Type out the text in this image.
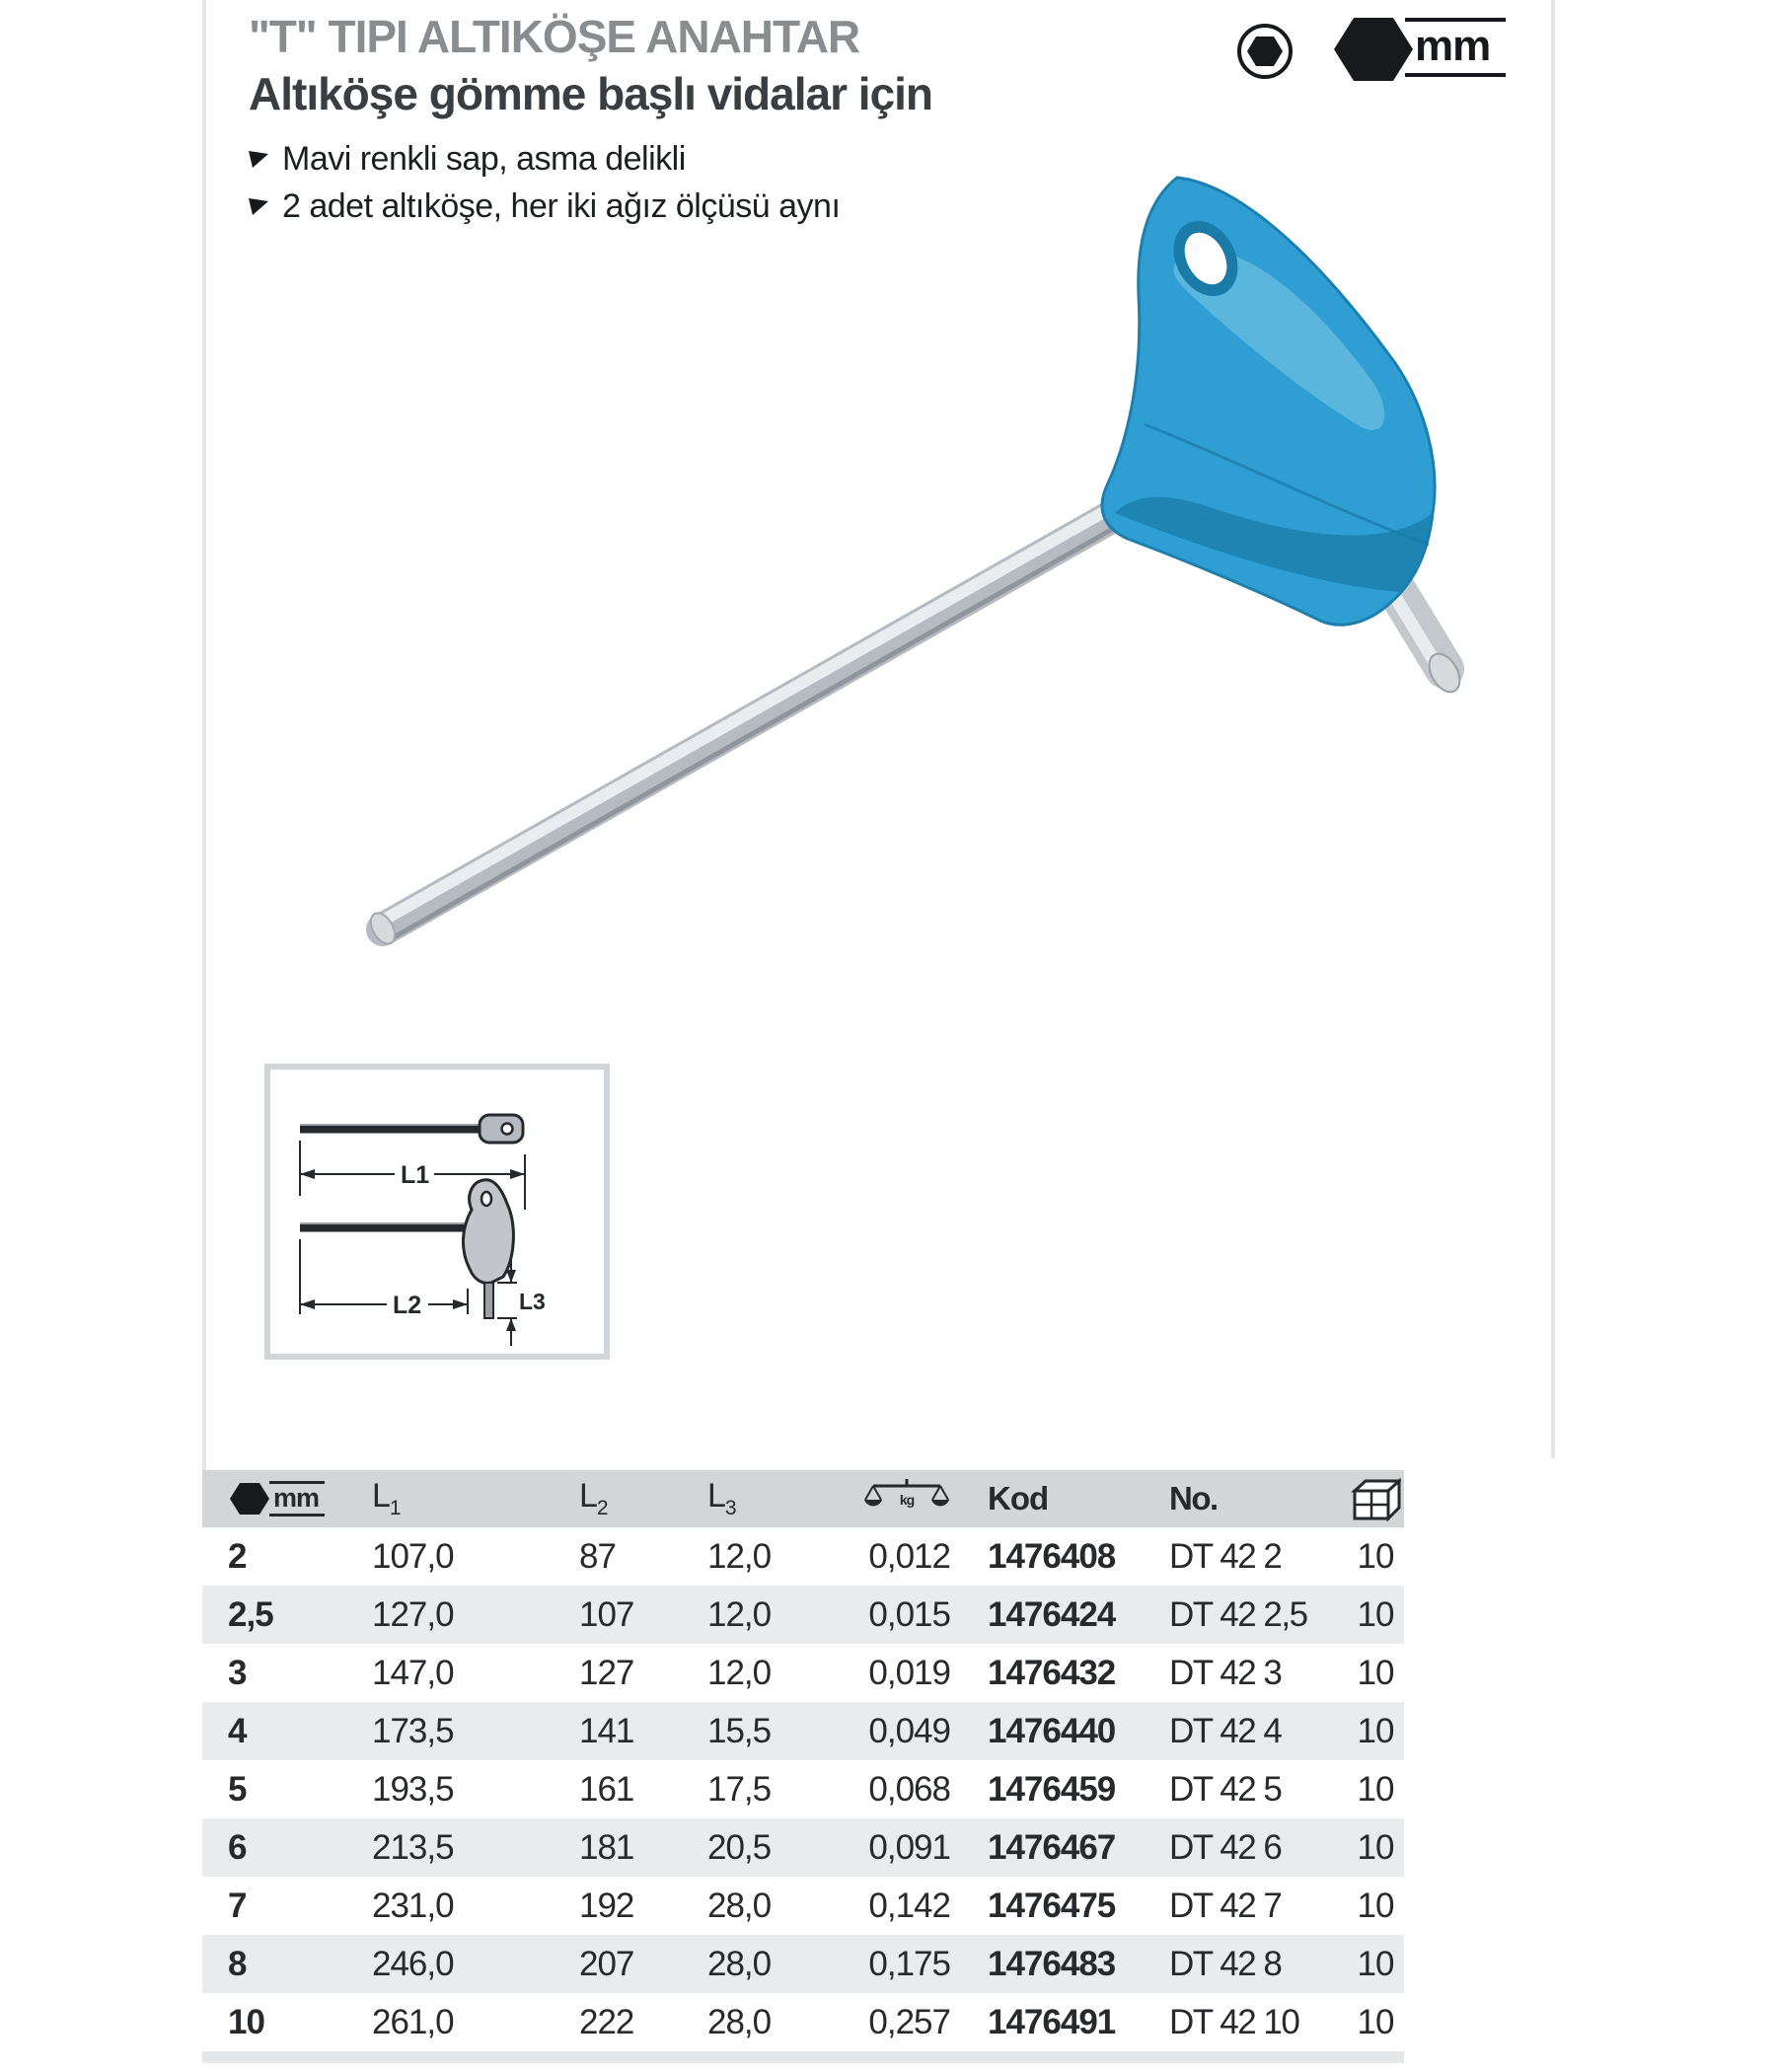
"T" TIPI ALTIKÖŞE ANAHTAR
Altıköşe gömme başlı vidalar için
Mavi renkli sap, asma delikli
2 adet altıköşe, her iki ağız ölçüsü aynı
mm
L1
L2	L3
mm $L_1$	$L_2$	$L_3$	kg	Kod	No.
2	107,0	87	12,0	0,012	1476408	DT 42 2	10
2,5	127,0	107	12,0	0,015	1476424	DT 42 2,5	10
3	147,0	127	12,0	0,019	1476432	DT 42 3	10
4	173,5	141	15,5	0,049	1476440	DT 42 4	10
5	193,5	161	17,5	0,068	1476459	DT 42 5	10
6	213,5	181	20,5	0,091	1476467	DT 42 6	10
7	231,0	192	28,0	0,142	1476475	DT 42 7	10
8	246,0	207	28,0	0,175	1476483	DT 42 8	10
10	261,0	222	28,0	0,257	1476491	DT 42 10	10
